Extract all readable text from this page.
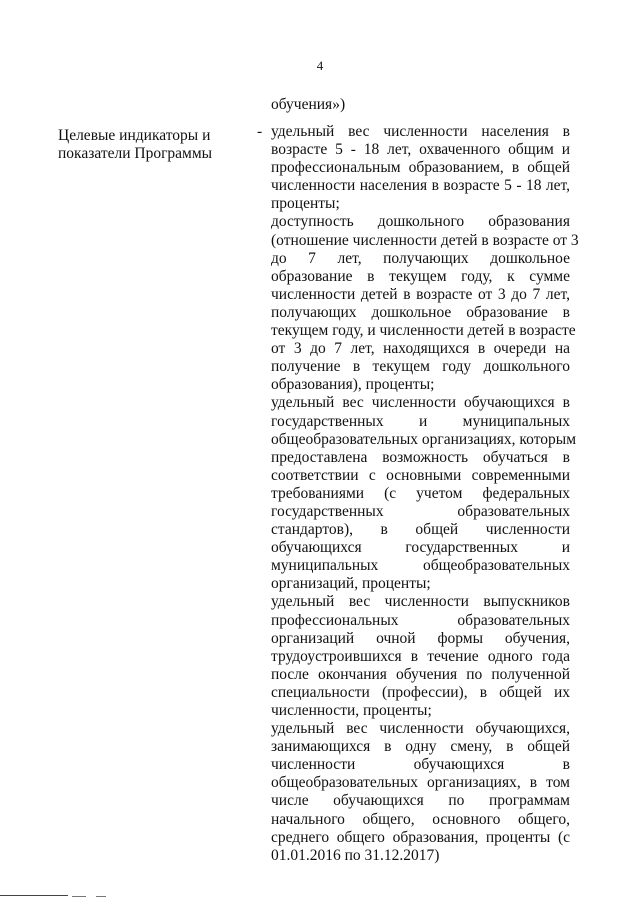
4
обучения»)
Целевые индикаторы и
показатели Программы
- удельный вес численности населения в
возрасте 5 - 18 лет, охваченного общим и
профессиональным образованием, в общей
численности населения в возрасте 5 - 18 лет,
проценты;
доступность дошкольного образования
(отношение численности детей в возрасте от 3
до 7 лет, получающих дошкольное
образование в текущем году, к сумме
численности детей в возрасте от 3 до 7 лет,
получающих дошкольное образование в
текущем году, и численности детей в возрасте
от 3 до 7 лет, находящихся в очереди на
получение в текущем году дошкольного
образования), проценты;
удельный вес численности обучающихся в
государственных и муниципальных
общеобразовательных организациях, которым
предоставлена возможность обучаться в
соответствии с основными современными
требованиями (с учетом федеральных
государственных образовательных
стандартов), в общей численности
обучающихся государственных и
муниципальных общеобразовательных
организаций, проценты;
удельный вес численности выпускников
профессиональных образовательных
организаций очной формы обучения,
трудоустроившихся в течение одного года
после окончания обучения по полученной
специальности (профессии), в общей их
численности, проценты;
удельный вес численности обучающихся,
занимающихся в одну смену, в общей
численности обучающихся в
общеобразовательных организациях, в том
числе обучающихся по программам
начального общего, основного общего,
среднего общего образования, проценты (с
01.01.2016 по 31.12.2017)
